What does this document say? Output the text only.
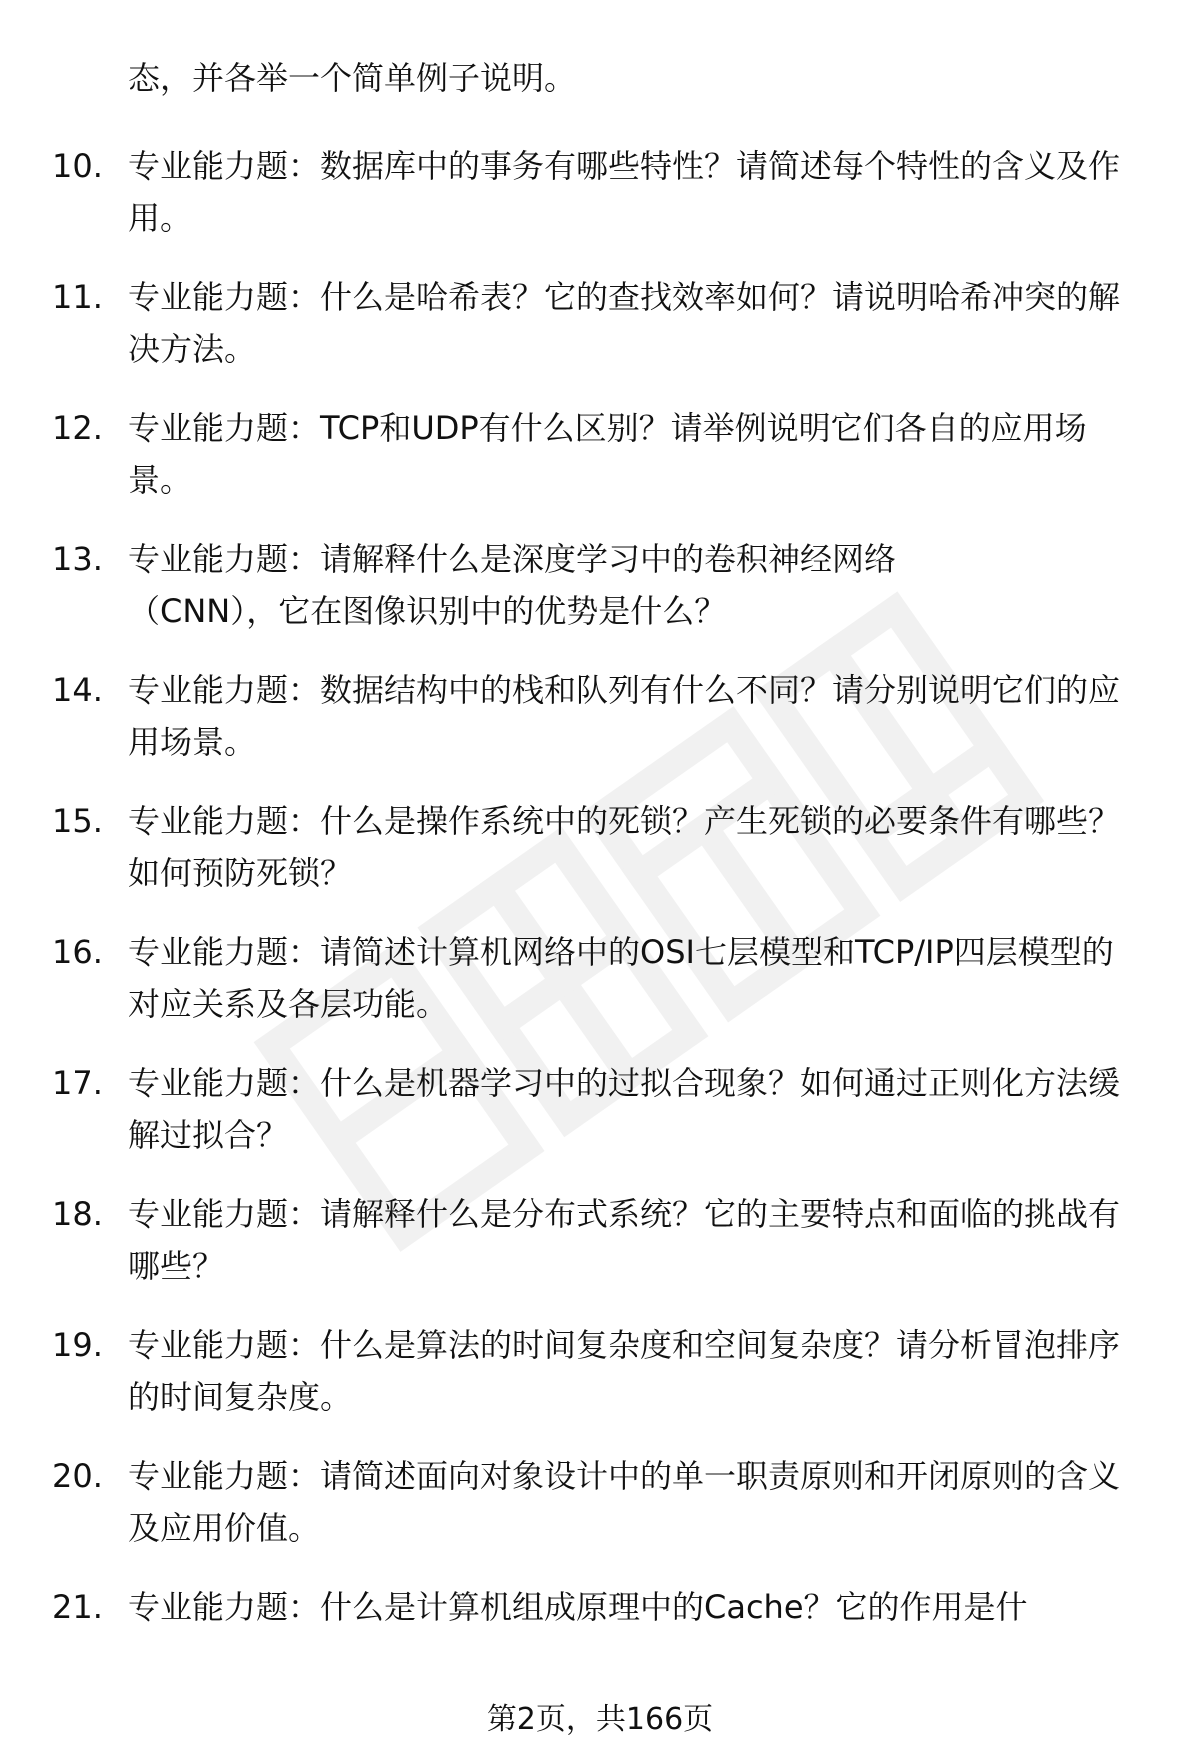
态，并各举一个简单例子说明。
10. 专业能力题：数据库中的事务有哪些特性？请简述每个特性的含义及作用。
11. 专业能力题：什么是哈希表？它的查找效率如何？请说明哈希冲突的解决方法。
12. 专业能力题：TCP和UDP有什么区别？请举例说明它们各自的应用场景。
13. 专业能力题：请解释什么是深度学习中的卷积神经网络（CNN），它在图像识别中的优势是什么？
14. 专业能力题：数据结构中的栈和队列有什么不同？请分别说明它们的应用场景。
15. 专业能力题：什么是操作系统中的死锁？产生死锁的必要条件有哪些？如何预防死锁？
16. 专业能力题：请简述计算机网络中的OSI七层模型和TCP/IP四层模型的对应关系及各层功能。
17. 专业能力题：什么是机器学习中的过拟合现象？如何通过正则化方法缓解过拟合？
18. 专业能力题：请解释什么是分布式系统？它的主要特点和面临的挑战有哪些？
19. 专业能力题：什么是算法的时间复杂度和空间复杂度？请分析冒泡排序的时间复杂度。
20. 专业能力题：请简述面向对象设计中的单一职责原则和开闭原则的含义及应用价值。
21. 专业能力题：什么是计算机组成原理中的Cache？它的作用是什
第2页，共166页
